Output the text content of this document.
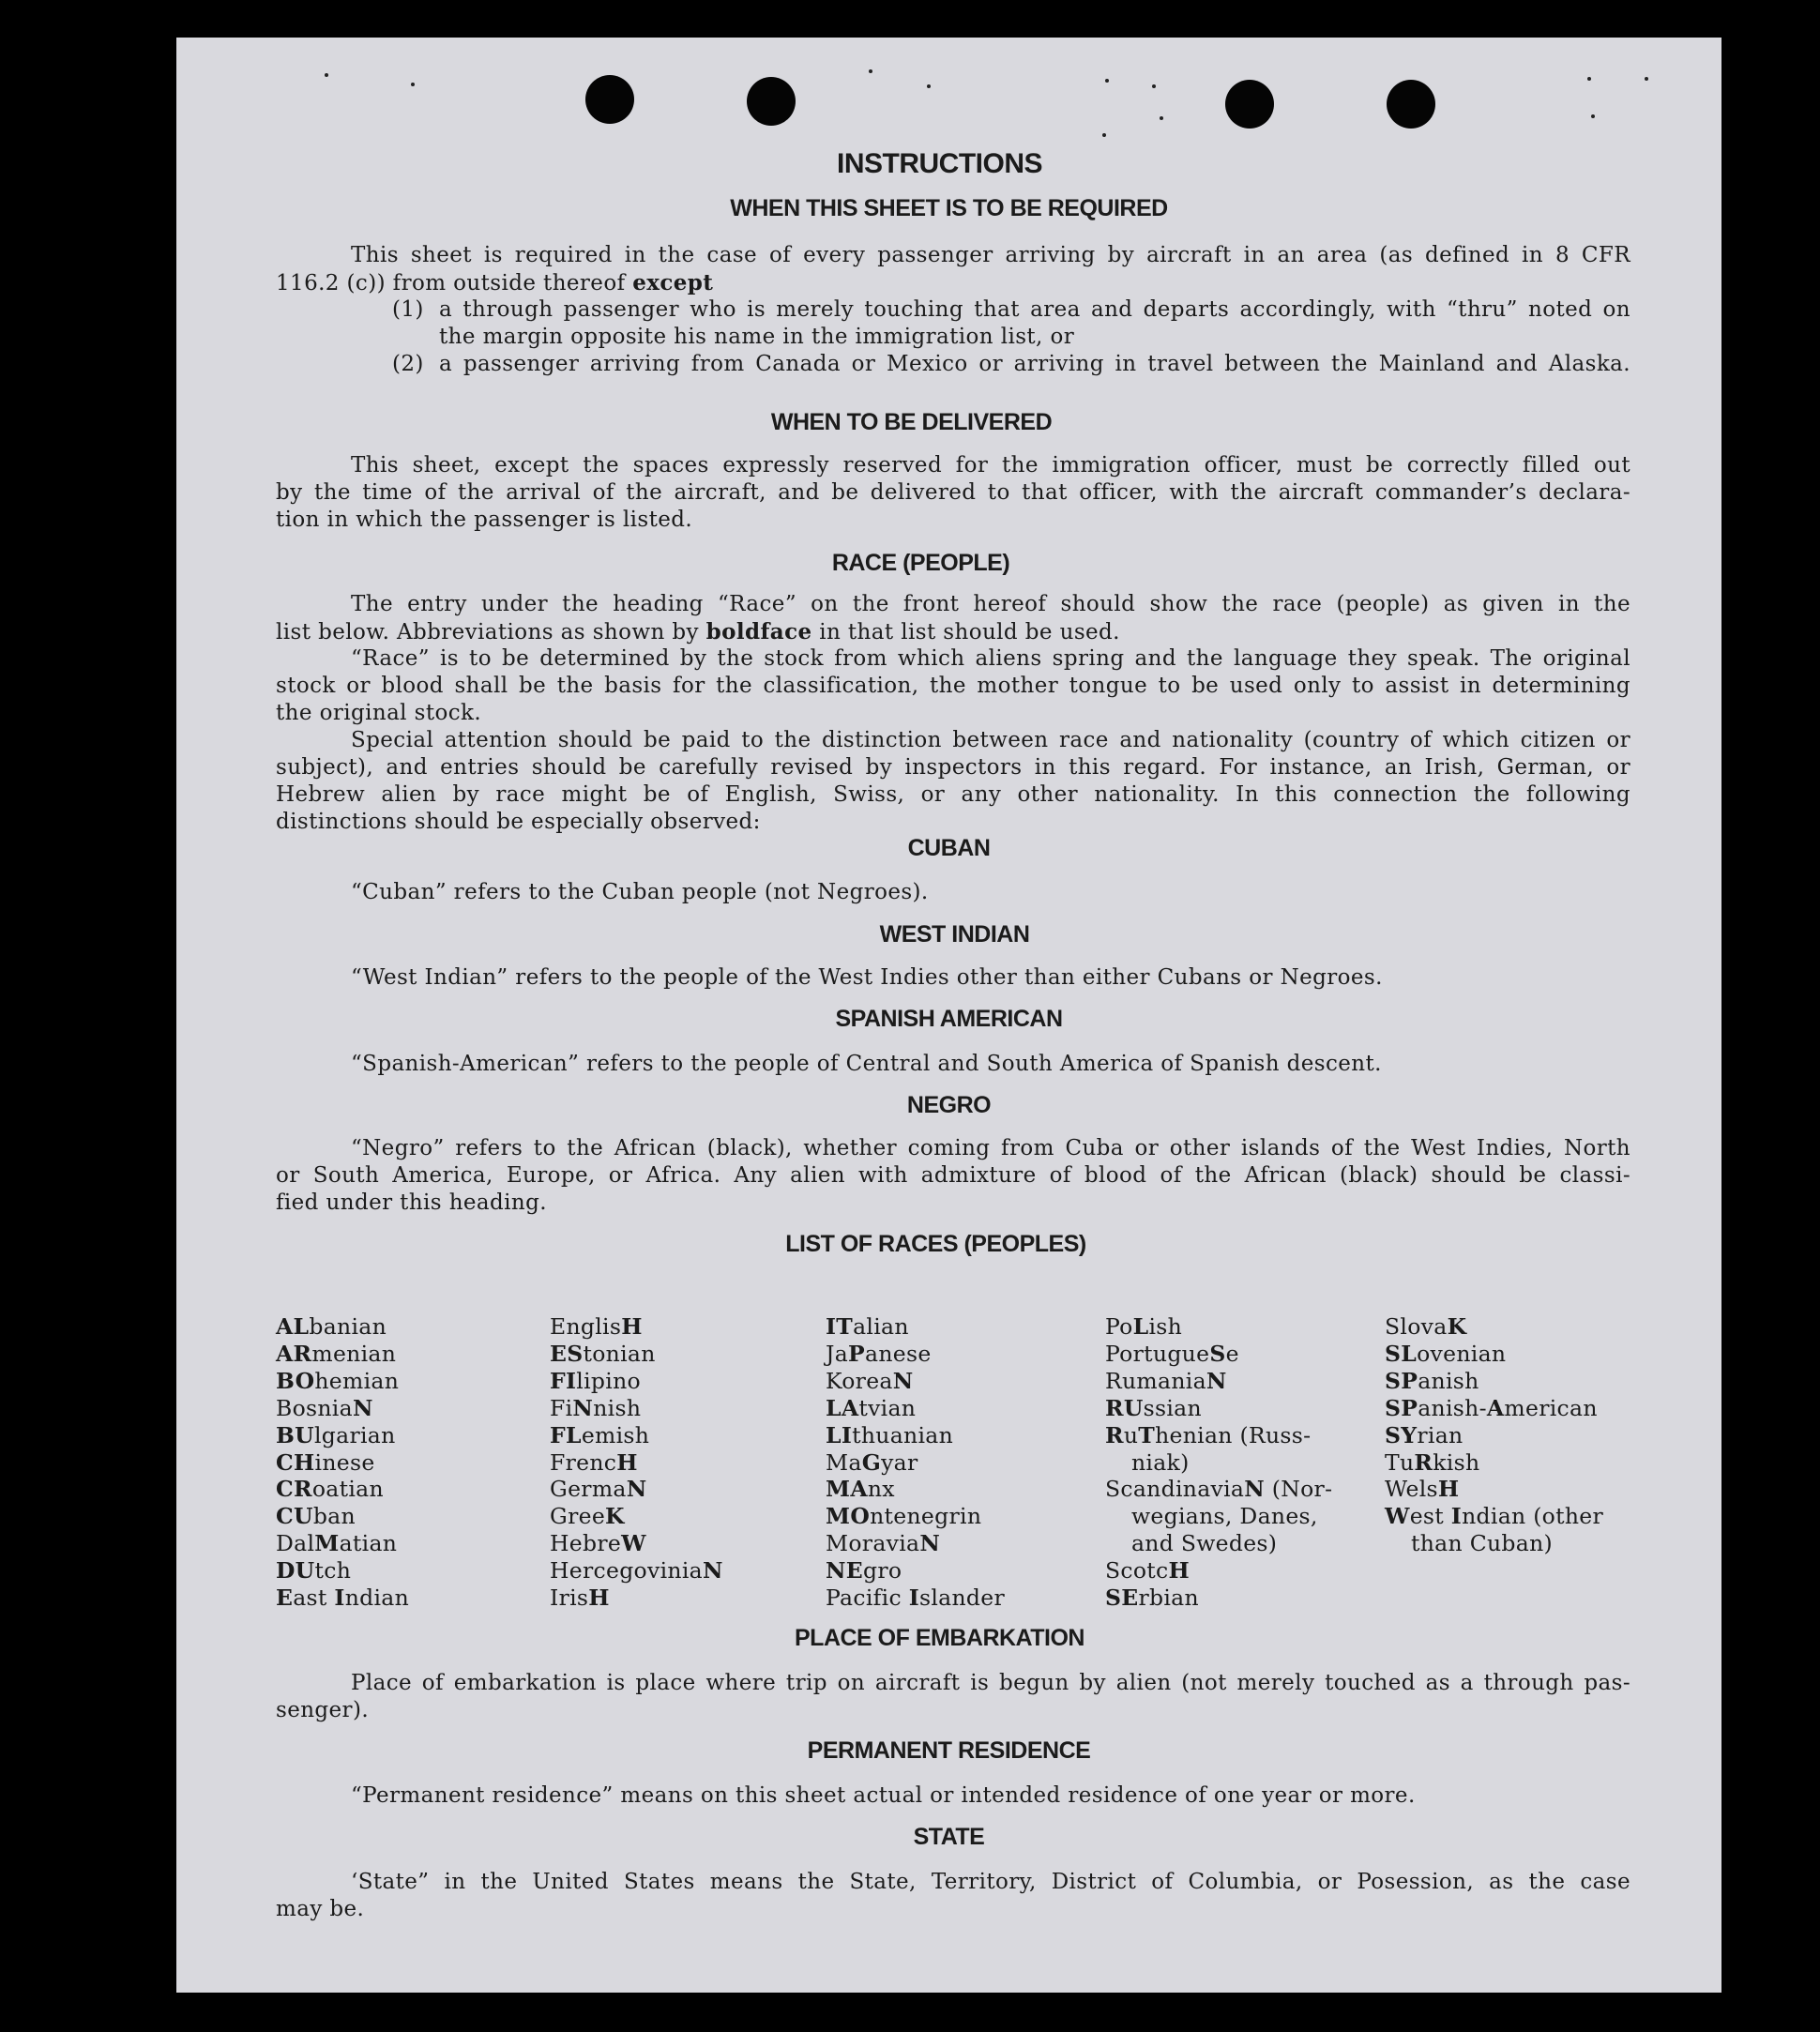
INSTRUCTIONS
WHEN THIS SHEET IS TO BE REQUIRED
This sheet is required in the case of every passenger arriving by aircraft in an area (as defined in 8 CFR
116.2 (c)) from outside thereof except
(1) a through passenger who is merely touching that area and departs accordingly, with “thru” noted on
the margin opposite his name in the immigration list, or
(2) a passenger arriving from Canada or Mexico or arriving in travel between the Mainland and Alaska.
WHEN TO BE DELIVERED
This sheet, except the spaces expressly reserved for the immigration officer, must be correctly filled out
by the time of the arrival of the aircraft, and be delivered to that officer, with the aircraft commander’s declara-
tion in which the passenger is listed.
RACE (PEOPLE)
The entry under the heading “Race” on the front hereof should show the race (people) as given in the
list below. Abbreviations as shown by boldface in that list should be used.
“Race” is to be determined by the stock from which aliens spring and the language they speak. The original
stock or blood shall be the basis for the classification, the mother tongue to be used only to assist in determining
the original stock.
Special attention should be paid to the distinction between race and nationality (country of which citizen or
subject), and entries should be carefully revised by inspectors in this regard. For instance, an Irish, German, or
Hebrew alien by race might be of English, Swiss, or any other nationality. In this connection the following
distinctions should be especially observed:
CUBAN
“Cuban” refers to the Cuban people (not Negroes).
WEST INDIAN
“West Indian” refers to the people of the West Indies other than either Cubans or Negroes.
SPANISH AMERICAN
“Spanish-American” refers to the people of Central and South America of Spanish descent.
NEGRO
“Negro” refers to the African (black), whether coming from Cuba or other islands of the West Indies, North
or South America, Europe, or Africa. Any alien with admixture of blood of the African (black) should be classi-
fied under this heading.
LIST OF RACES (PEOPLES)
ALbanian
ARmenian
BOhemian
BosniaN
BUlgarian
CHinese
CRoatian
CUban
DalMatian
DUtch
East Indian
EnglisH
EStonian
FIlipino
FiNnish
FLemish
FrencH
GermaN
GreeK
HebreW
HercegoviniaN
IrisH
ITalian
JaPanese
KoreaN
LAtvian
LIthuanian
MaGyar
MAnx
MOntenegrin
MoraviaN
NEgro
Pacific Islander
PoLish
PortugueSe
RumaniaN
RUssian
RuThenian (Russ-
niak)
ScandinaviaN (Nor-
wegians, Danes,
and Swedes)
ScotcH
SErbian
SlovaK
SLovenian
SPanish
SPanish-American
SYrian
TuRkish
WelsH
West Indian (other
than Cuban)
PLACE OF EMBARKATION
Place of embarkation is place where trip on aircraft is begun by alien (not merely touched as a through pas-
senger).
PERMANENT RESIDENCE
“Permanent residence” means on this sheet actual or intended residence of one year or more.
STATE
‘State” in the United States means the State, Territory, District of Columbia, or Posession, as the case
may be.
